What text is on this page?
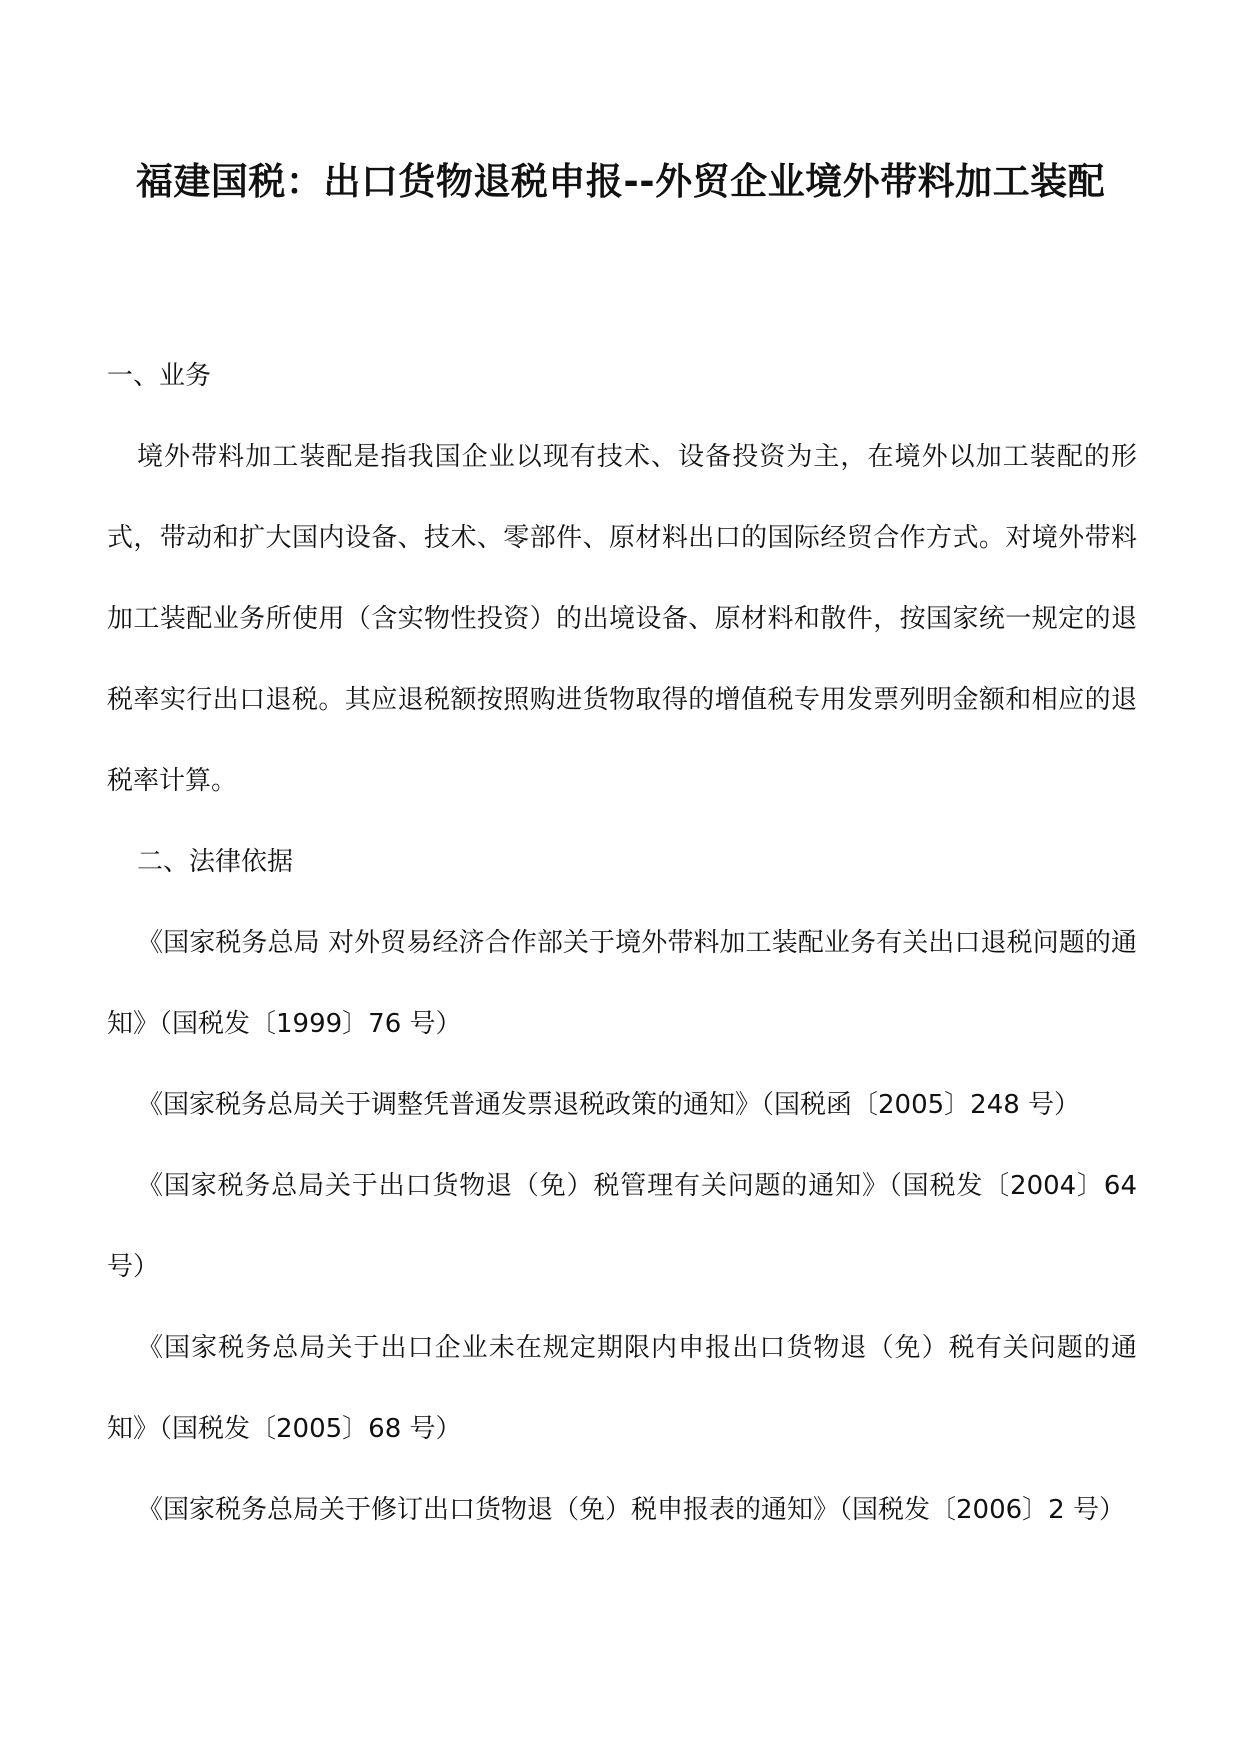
福建国税：出口货物退税申报--外贸企业境外带料加工装配

一、业务

境外带料加工装配是指我国企业以现有技术、设备投资为主，在境外以加工装配的形式，带动和扩大国内设备、技术、零部件、原材料出口的国际经贸合作方式。对境外带料加工装配业务所使用（含实物性投资）的出境设备、原材料和散件，按国家统一规定的退税率实行出口退税。其应退税额按照购进货物取得的增值税专用发票列明金额和相应的退税率计算。

二、法律依据

《国家税务总局 对外贸易经济合作部关于境外带料加工装配业务有关出口退税问题的通知》（国税发〔1999〕76 号）

《国家税务总局关于调整凭普通发票退税政策的通知》（国税函〔2005〕248 号）

《国家税务总局关于出口货物退（免）税管理有关问题的通知》（国税发〔2004〕64 号）

《国家税务总局关于出口企业未在规定期限内申报出口货物退（免）税有关问题的通知》（国税发〔2005〕68 号）

《国家税务总局关于修订出口货物退（免）税申报表的通知》（国税发〔2006〕2 号）
